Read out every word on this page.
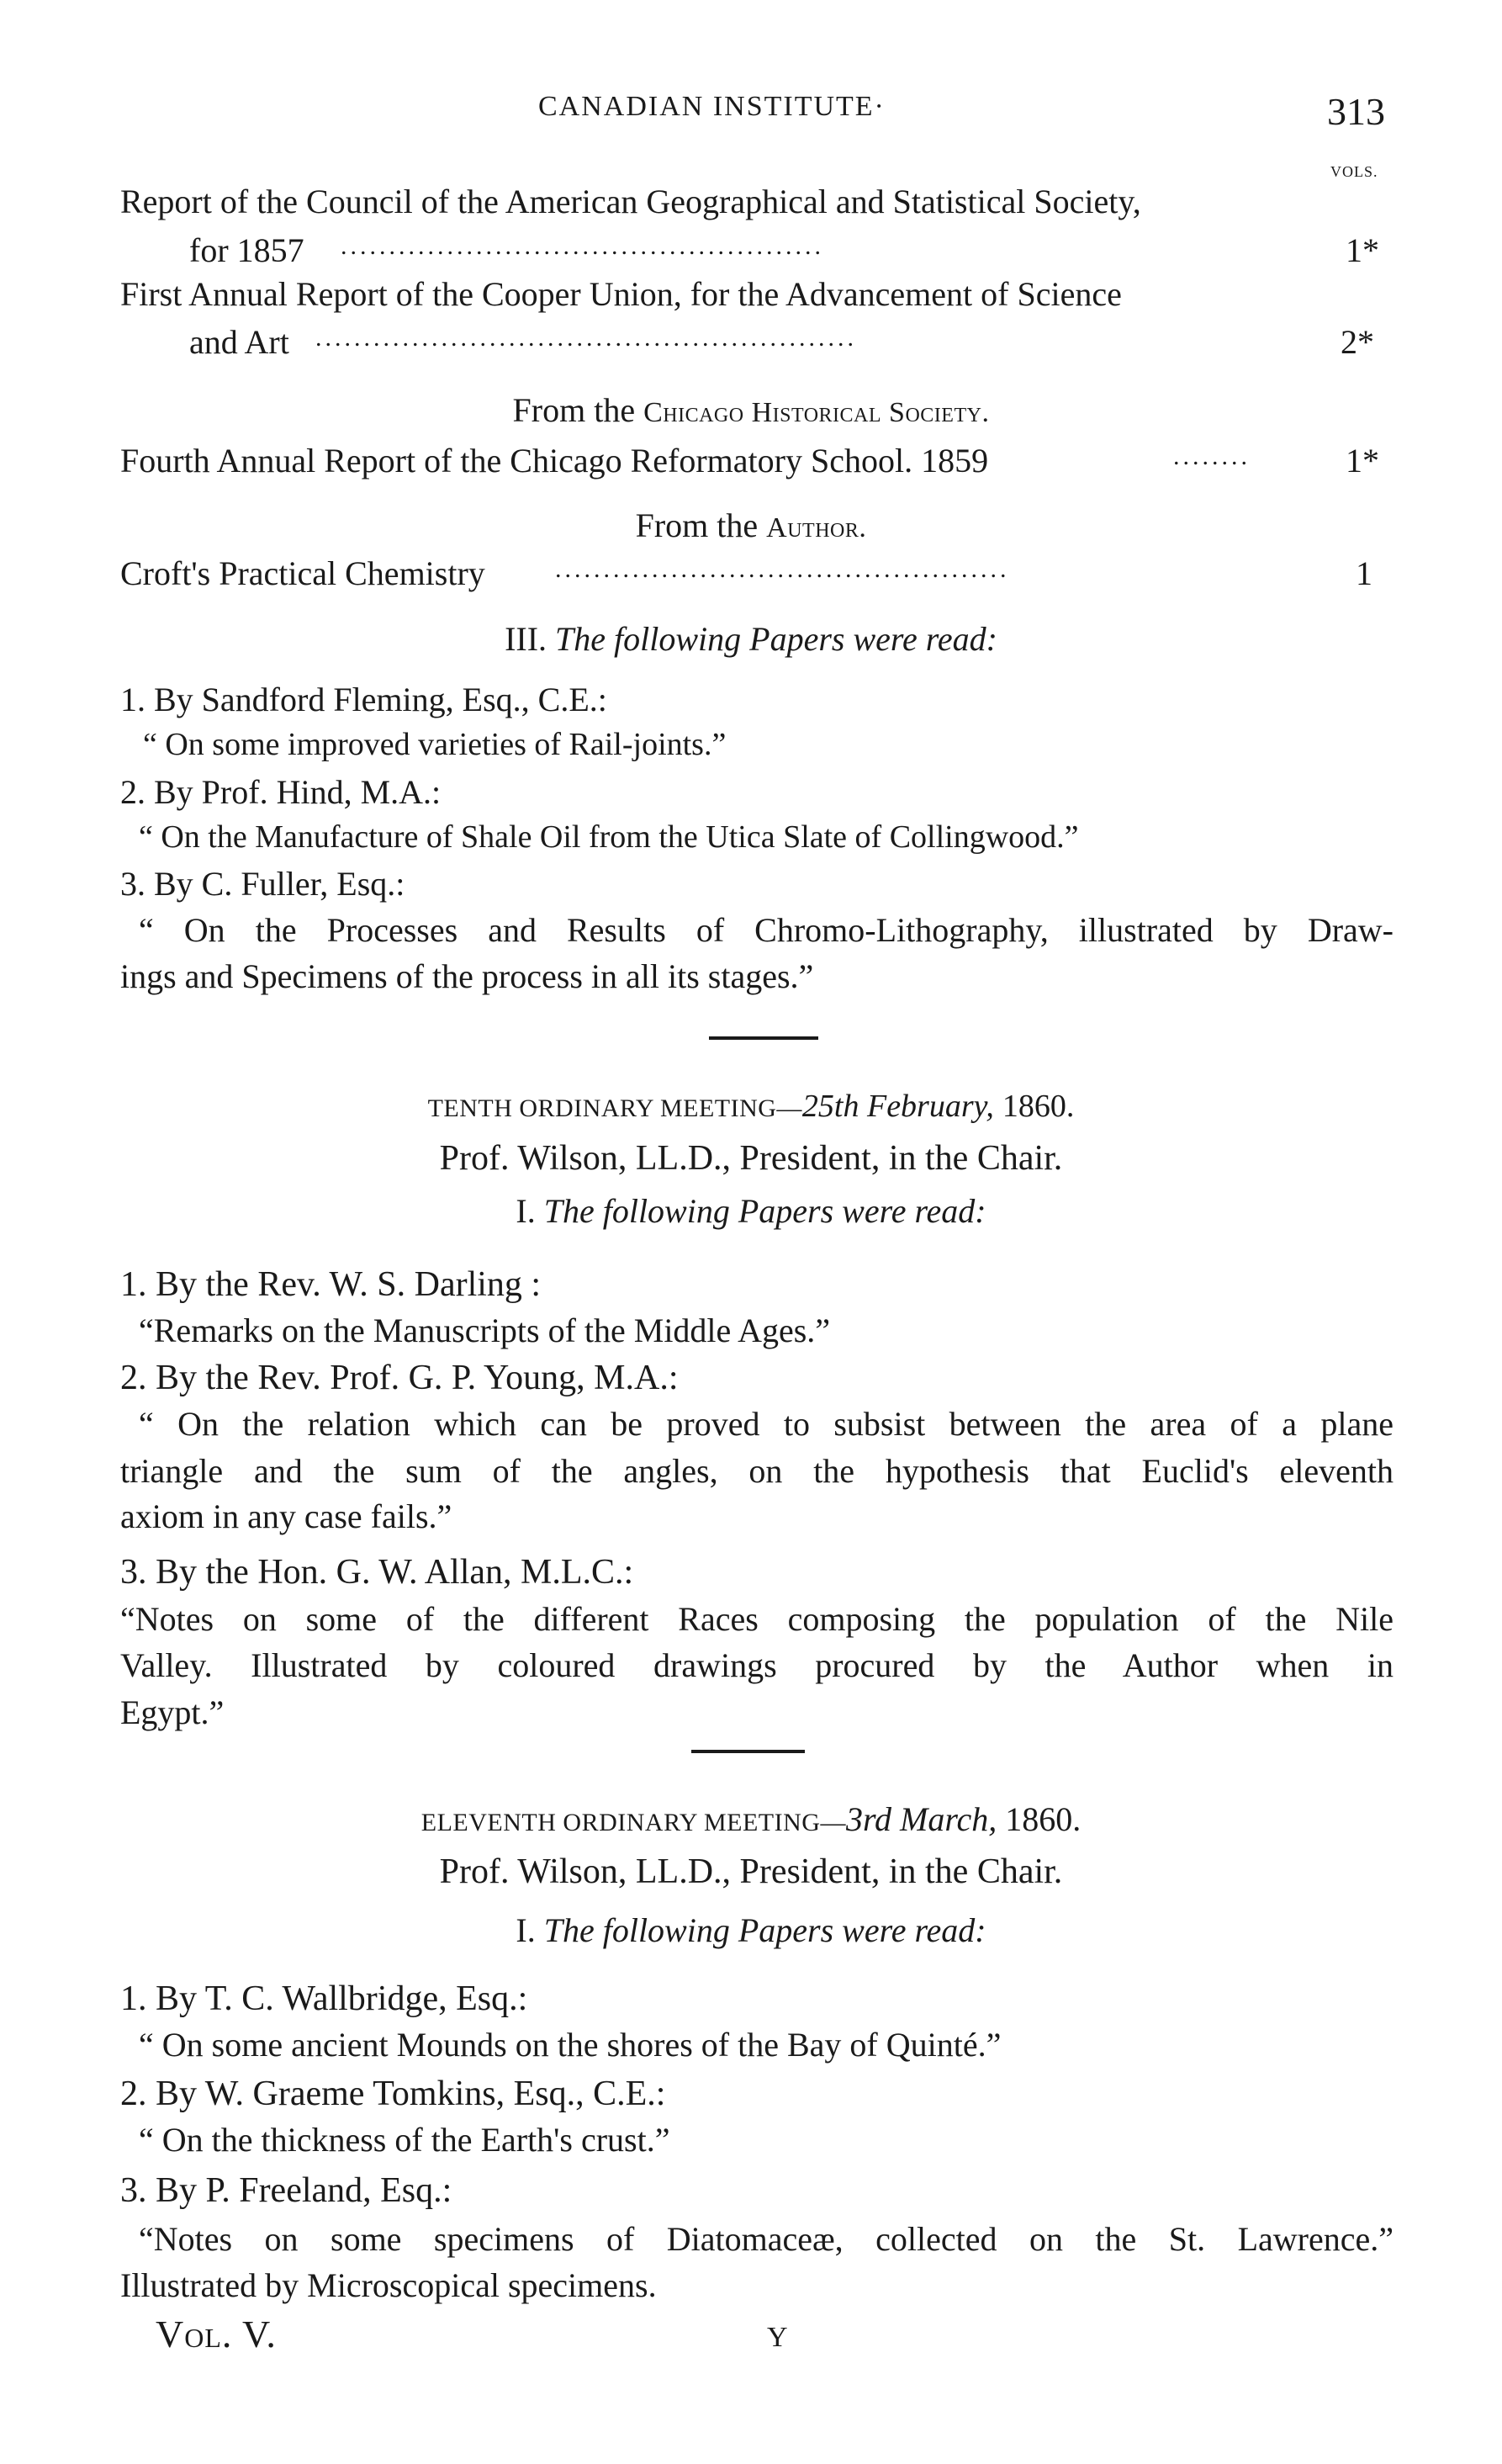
CANADIAN INSTITUTE·	313
VOLS.
Report of the Council of the American Geographical and Statistical Society,
for 1857 ..................................................	1*
First Annual Report of the Cooper Union, for the Advancement of Science
and Art ........................................................	2*
From the Chicago Historical Society.
Fourth Annual Report of the Chicago Reformatory School. 1859	........	1*
From the Author.
Croft's Practical Chemistry	...............................................	1
III. The following Papers were read:
1. By Sandford Fleming, Esq., C.E.:
“ On some improved varieties of Rail-joints.”
2. By Prof. Hind, M.A.:
“ On the Manufacture of Shale Oil from the Utica Slate of Collingwood.”
3. By C. Fuller, Esq.:
“ On the Processes and Results of Chromo-Lithography, illustrated by Draw-
ings and Specimens of the process in all its stages.”
TENTH ORDINARY MEETING—25th February, 1860.
Prof. Wilson, LL.D., President, in the Chair.
I. The following Papers were read:
1. By the Rev. W. S. Darling :
“Remarks on the Manuscripts of the Middle Ages.”
2. By the Rev. Prof. G. P. Young, M.A.:
“ On the relation which can be proved to subsist between the area of a plane
triangle and the sum of the angles, on the hypothesis that Euclid's eleventh
axiom in any case fails.”
3. By the Hon. G. W. Allan, M.L.C.:
“Notes on some of the different Races composing the population of the Nile
Valley. Illustrated by coloured drawings procured by the Author when in
Egypt.”
ELEVENTH ORDINARY MEETING—3rd March, 1860.
Prof. Wilson, LL.D., President, in the Chair.
I. The following Papers were read:
1. By T. C. Wallbridge, Esq.:
“ On some ancient Mounds on the shores of the Bay of Quinté.”
2. By W. Graeme Tomkins, Esq., C.E.:
“ On the thickness of the Earth's crust.”
3. By P. Freeland, Esq.:
“Notes on some specimens of Diatomaceæ, collected on the St. Lawrence.”
Illustrated by Microscopical specimens.
Vol. V.	Y
